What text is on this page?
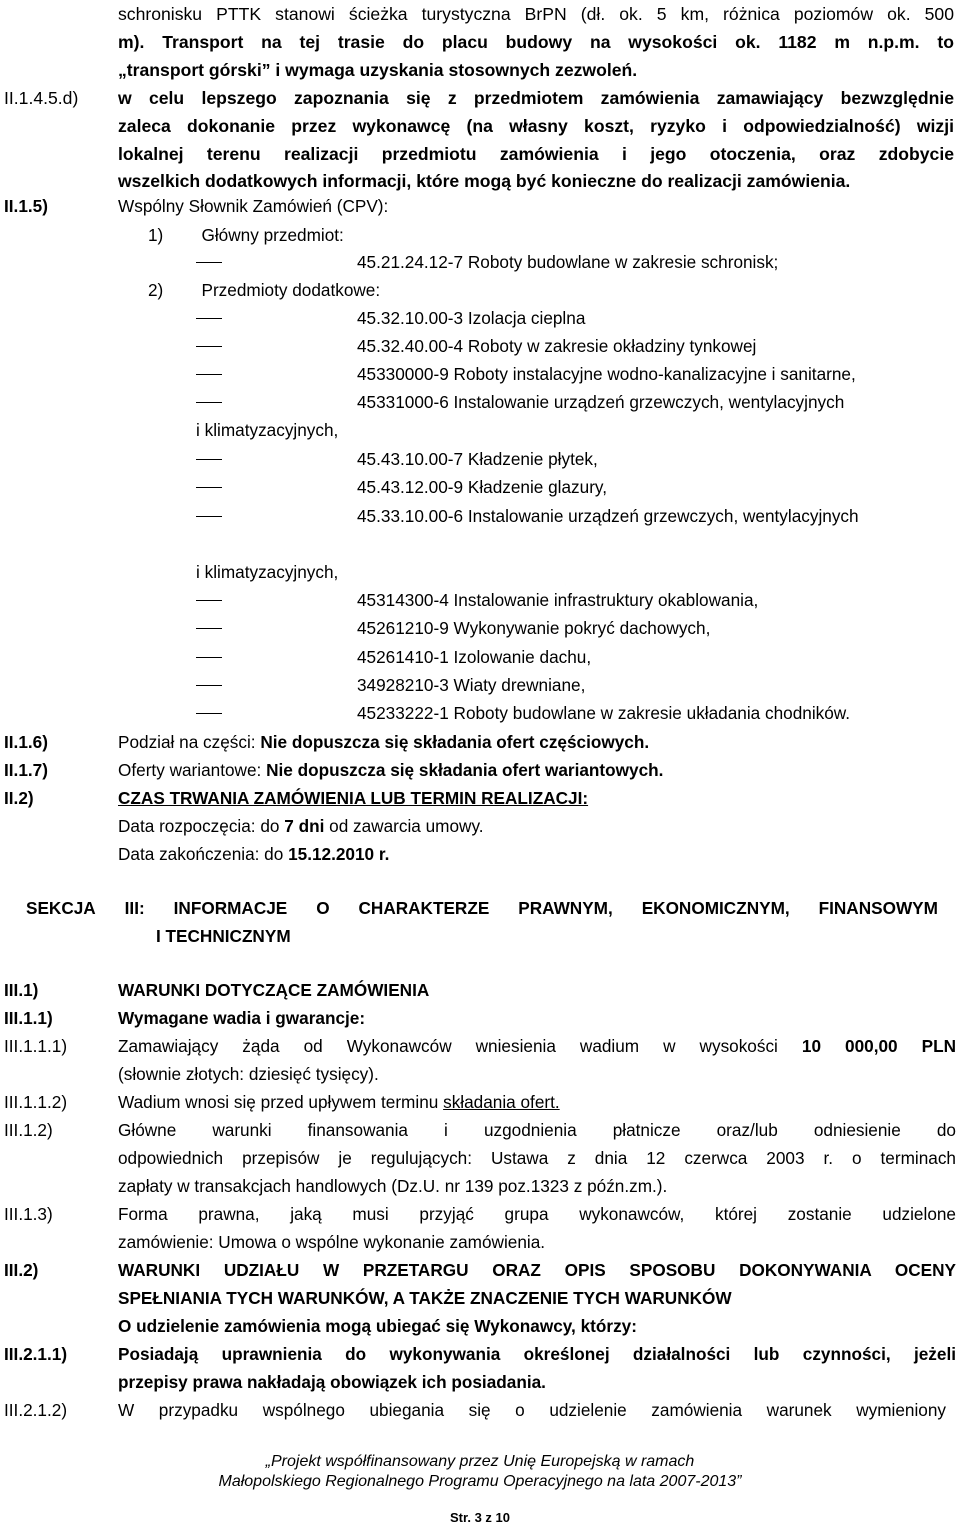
schronisku PTTK stanowi ścieżka turystyczna BrPN (dł. ok. 5 km, różnica poziomów ok. 500
m). Transport na tej trasie do placu budowy na wysokości ok. 1182 m n.p.m. to
„transport górski” i wymaga uzyskania stosownych zezwoleń.
II.1.4.5.d) w celu lepszego zapoznania się z przedmiotem zamówienia zamawiający bezwzględnie
zaleca dokonanie przez wykonawcę (na własny koszt, ryzyko i odpowiedzialność) wizji
lokalnej terenu realizacji przedmiotu zamówienia i jego otoczenia, oraz zdobycie
wszelkich dodatkowych informacji, które mogą być konieczne do realizacji zamówienia.
II.1.5)	Wspólny Słownik Zamówień (CPV):
1)        Główny przedmiot:
45.21.24.12-7 Roboty budowlane w zakresie schronisk;
2)        Przedmioty dodatkowe:
45.32.10.00-3 Izolacja cieplna
45.32.40.00-4 Roboty w zakresie okładziny tynkowej
45330000-9 Roboty instalacyjne wodno-kanalizacyjne i sanitarne,
45331000-6 Instalowanie urządzeń grzewczych, wentylacyjnych
i klimatyzacyjnych,
45.43.10.00-7 Kładzenie płytek,
45.43.12.00-9 Kładzenie glazury,
45.33.10.00-6 Instalowanie urządzeń grzewczych, wentylacyjnych
i klimatyzacyjnych,
45314300-4 Instalowanie infrastruktury okablowania,
45261210-9 Wykonywanie pokryć dachowych,
45261410-1 Izolowanie dachu,
34928210-3 Wiaty drewniane,
45233222-1 Roboty budowlane w zakresie układania chodników.
II.1.6)	Podział na części: Nie dopuszcza się składania ofert częściowych.
II.1.7)	Oferty wariantowe: Nie dopuszcza się składania ofert wariantowych.
II.2)	CZAS TRWANIA ZAMÓWIENIA LUB TERMIN REALIZACJI:
Data rozpoczęcia: do 7 dni od zawarcia umowy.
Data zakończenia: do 15.12.2010 r.
SEKCJA III: INFORMACJE O CHARAKTERZE PRAWNYM, EKONOMICZNYM, FINANSOWYM
I TECHNICZNYM
III.1)	WARUNKI DOTYCZĄCE ZAMÓWIENIA
III.1.1)	Wymagane wadia i gwarancje:
III.1.1.1)	Zamawiający żąda od Wykonawców wniesienia wadium w wysokości 10 000,00 PLN
(słownie złotych: dziesięć tysięcy).
III.1.1.2)	Wadium wnosi się przed upływem terminu składania ofert.
III.1.2)	Główne warunki finansowania i uzgodnienia płatnicze oraz/lub odniesienie do
odpowiednich przepisów je regulujących: Ustawa z dnia 12 czerwca 2003 r. o terminach
zapłaty w transakcjach handlowych (Dz.U. nr 139 poz.1323 z późn.zm.).
III.1.3)	Forma prawna, jaką musi przyjąć grupa wykonawców, której zostanie udzielone
zamówienie: Umowa o wspólne wykonanie zamówienia.
III.2)	WARUNKI UDZIAŁU W PRZETARGU ORAZ OPIS SPOSOBU DOKONYWANIA OCENY
SPEŁNIANIA TYCH WARUNKÓW, A TAKŻE ZNACZENIE TYCH WARUNKÓW
O udzielenie zamówienia mogą ubiegać się Wykonawcy, którzy:
III.2.1.1)	Posiadają uprawnienia do wykonywania określonej działalności lub czynności, jeżeli
przepisy prawa nakładają obowiązek ich posiadania.
III.2.1.2)	W przypadku wspólnego ubiegania się o udzielenie zamówienia warunek wymieniony
„Projekt współfinansowany przez Unię Europejską w ramach
Małopolskiego Regionalnego Programu Operacyjnego na lata 2007-2013”
Str. 3 z 10
